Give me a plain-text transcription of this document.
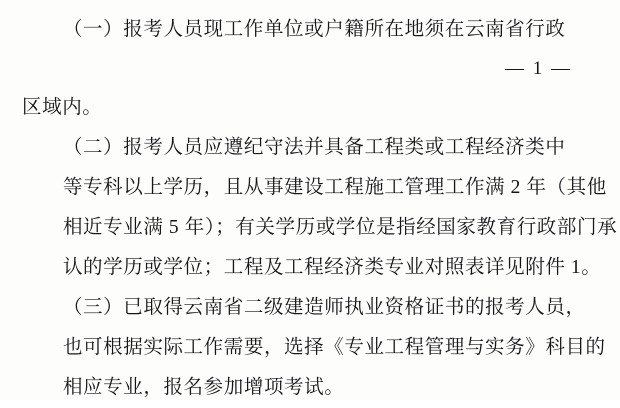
（一）报考人员现工作单位或户籍所在地须在云南省行政
— 1 —
区域内。
（二）报考人员应遵纪守法并具备工程类或工程经济类中
等专科以上学历，且从事建设工程施工管理工作满 2 年（其他
相近专业满 5 年）；有关学历或学位是指经国家教育行政部门承
认的学历或学位；工程及工程经济类专业对照表详见附件 1。
（三）已取得云南省二级建造师执业资格证书的报考人员，
也可根据实际工作需要，选择《专业工程管理与实务》科目的
相应专业，报名参加增项考试。
